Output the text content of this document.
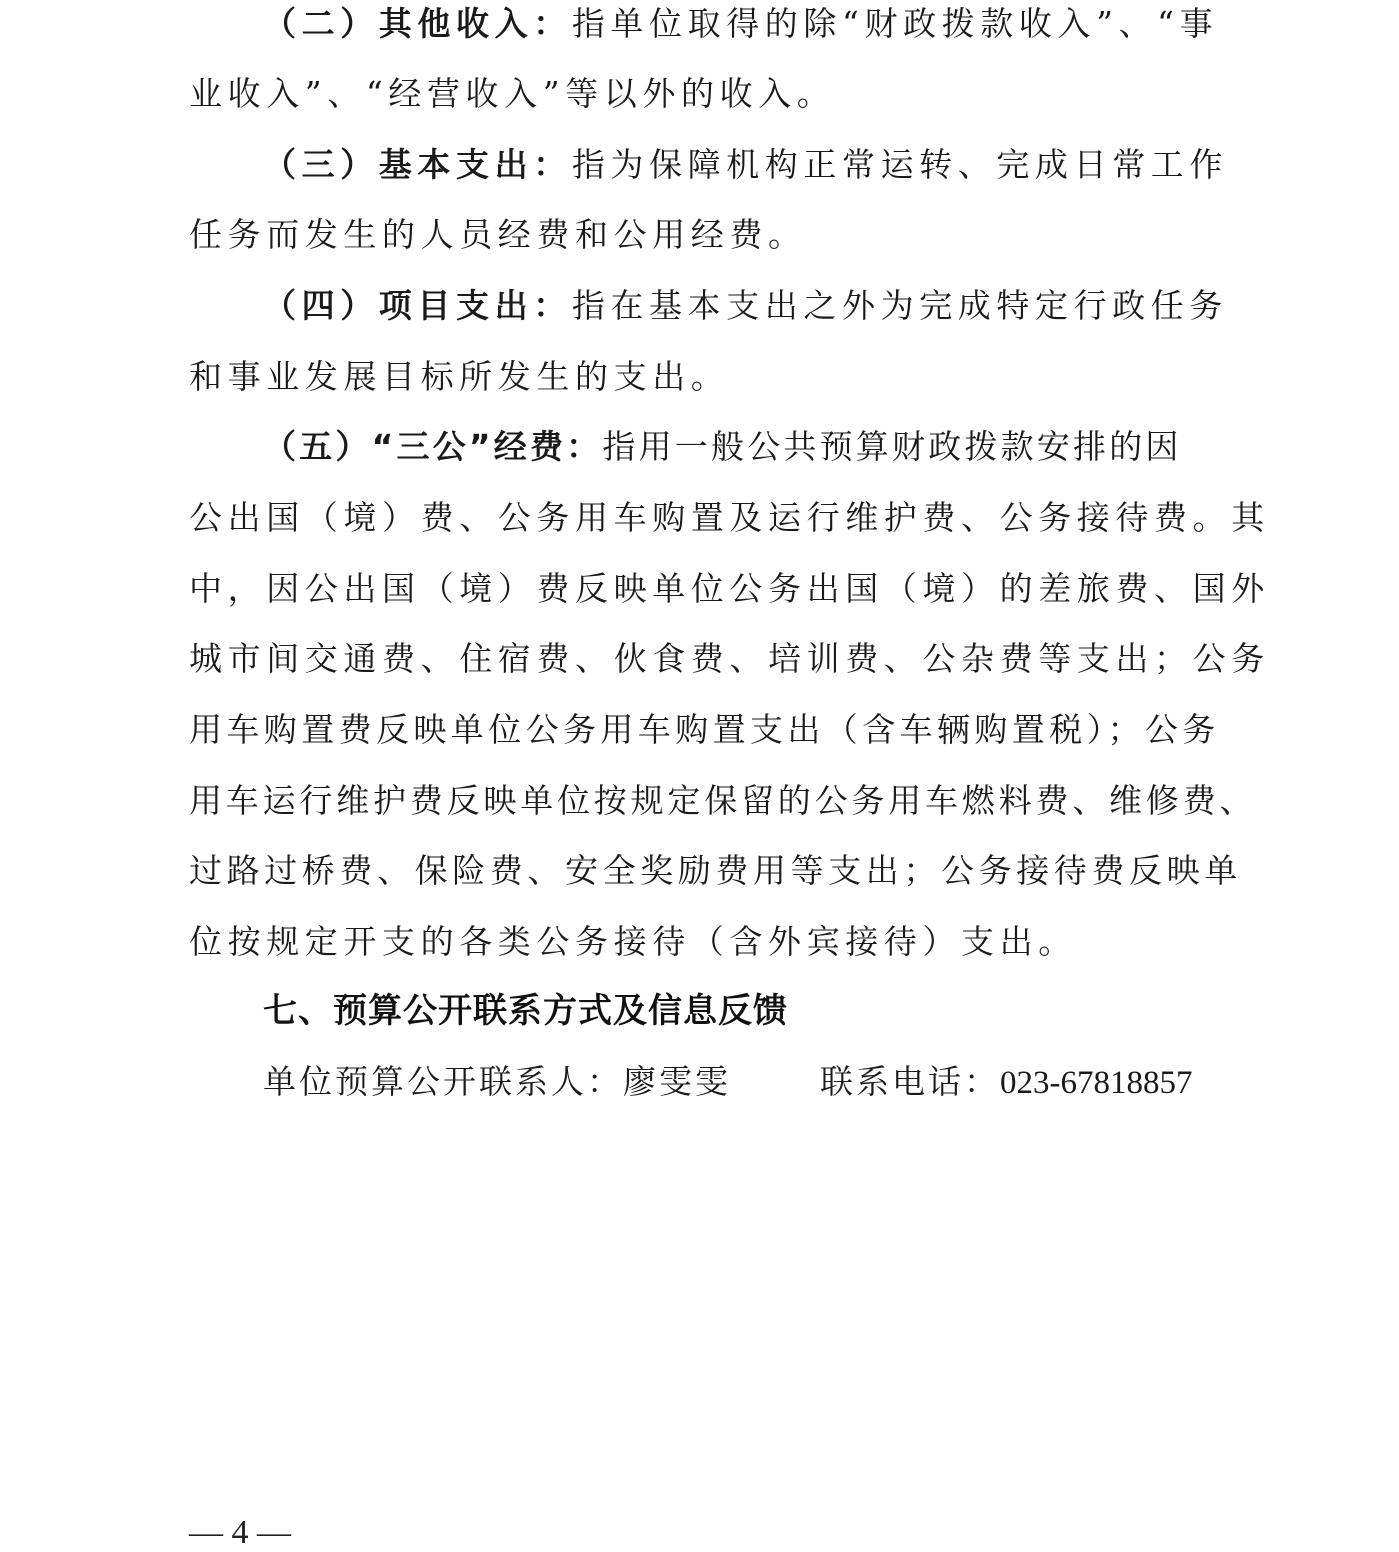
（二）其他收入：指单位取得的除“财政拨款收入”、“事
业收入”、“经营收入”等以外的收入。
（三）基本支出：指为保障机构正常运转、完成日常工作
任务而发生的人员经费和公用经费。
（四）项目支出：指在基本支出之外为完成特定行政任务
和事业发展目标所发生的支出。
（五）“三公”经费：指用一般公共预算财政拨款安排的因
公出国（境）费、公务用车购置及运行维护费、公务接待费。其
中，因公出国（境）费反映单位公务出国（境）的差旅费、国外
城市间交通费、住宿费、伙食费、培训费、公杂费等支出；公务
用车购置费反映单位公务用车购置支出（含车辆购置税）；公务
用车运行维护费反映单位按规定保留的公务用车燃料费、维修费、
过路过桥费、保险费、安全奖励费用等支出；公务接待费反映单
位按规定开支的各类公务接待（含外宾接待）支出。
七、预算公开联系方式及信息反馈
单位预算公开联系人：廖雯雯	联系电话：023-67818857
— 4 —
